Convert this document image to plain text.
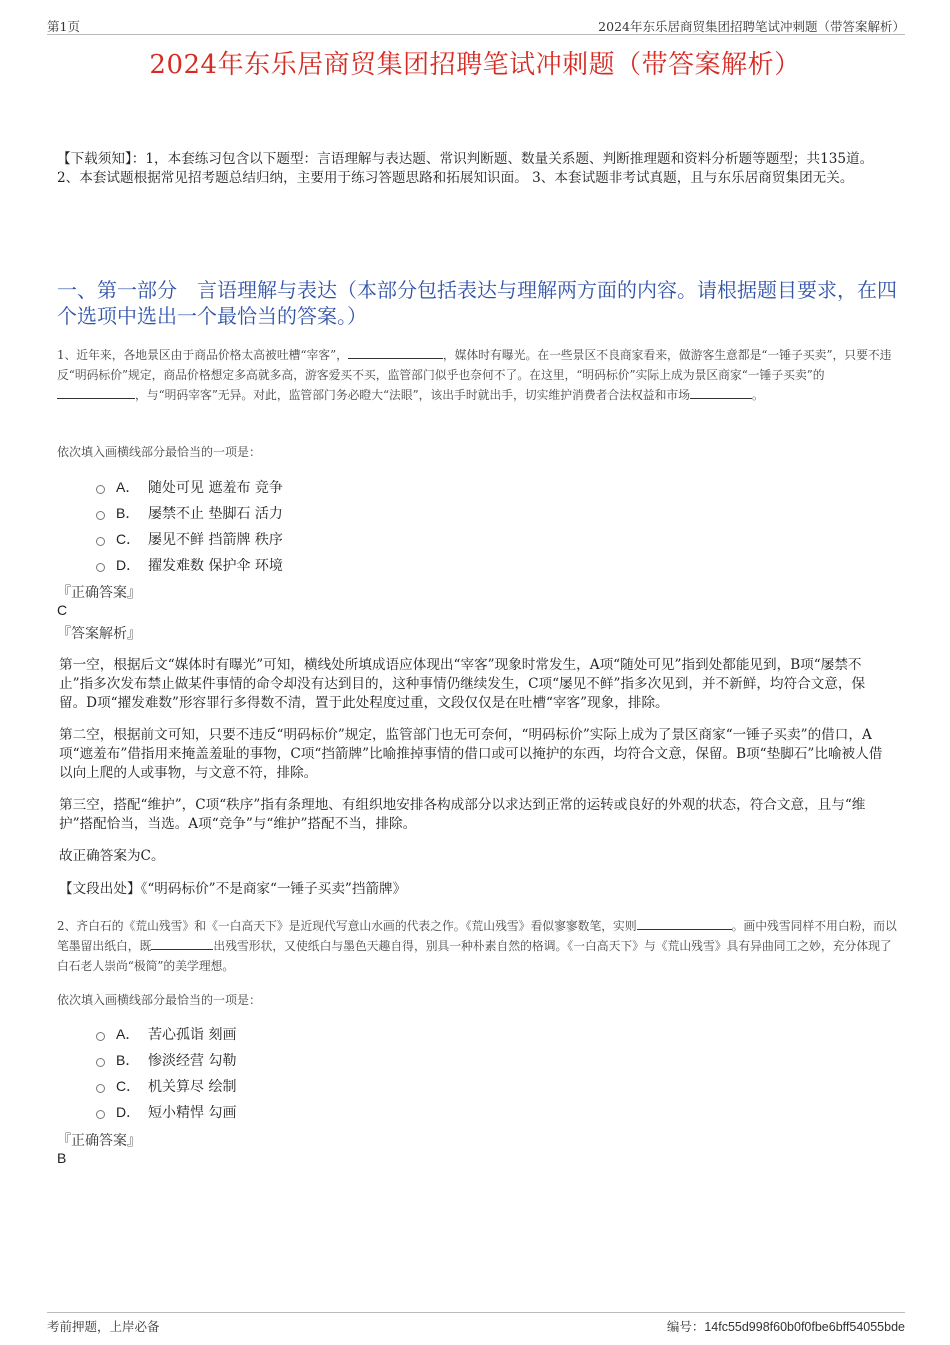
第1页	2024年东乐居商贸集团招聘笔试冲刺题（带答案解析）
2024年东乐居商贸集团招聘笔试冲刺题（带答案解析）
【下载须知】：1，本套练习包含以下题型：言语理解与表达题、常识判断题、数量关系题、判断推理题和资料分析题等题型；共135道。 2、本套试题根据常见招考题总结归纳，主要用于练习答题思路和拓展知识面。 3、本套试题非考试真题，且与东乐居商贸集团无关。
一、第一部分　言语理解与表达（本部分包括表达与理解两方面的内容。请根据题目要求，在四个选项中选出一个最恰当的答案。）
1、近年来，各地景区由于商品价格太高被吐槽“宰客”，	，媒体时有曝光。在一些景区不良商家看来，做游客生意都是“一锤子买卖”，只要不违反“明码标价”规定，商品价格想定多高就多高，游客爱买不买，监管部门似乎也奈何不了。在这里，“明码标价”实际上成为景区商家“一锤子买卖”的，与“明码宰客”无异。对此，监管部门务必瞪大“法眼”，该出手时就出手，切实维护消费者合法权益和市场	。
依次填入画横线部分最恰当的一项是：
A． 随处可见 遮羞布 竞争
B． 屡禁不止 垫脚石 活力
C． 屡见不鲜 挡箭牌 秩序
D． 擢发难数 保护伞 环境
『正确答案』
C
『答案解析』
第一空，根据后文“媒体时有曝光”可知，横线处所填成语应体现出“宰客”现象时常发生，A项“随处可见”指到处都能见到，B项“屡禁不止”指多次发布禁止做某件事情的命令却没有达到目的，这种事情仍继续发生，C项“屡见不鲜”指多次见到，并不新鲜，均符合文意，保留。D项“擢发难数”形容罪行多得数不清，置于此处程度过重，文段仅仅是在吐槽“宰客”现象，排除。
第二空，根据前文可知，只要不违反“明码标价”规定，监管部门也无可奈何，“明码标价”实际上成为了景区商家“一锤子买卖”的借口，A项“遮羞布”借指用来掩盖羞耻的事物，C项“挡箭牌”比喻推掉事情的借口或可以掩护的东西，均符合文意，保留。B项“垫脚石”比喻被人借以向上爬的人或事物，与文意不符，排除。
第三空，搭配“维护”，C项“秩序”指有条理地、有组织地安排各构成部分以求达到正常的运转或良好的外观的状态，符合文意，且与“维护”搭配恰当，当选。A项“竞争”与“维护”搭配不当，排除。
故正确答案为C。
【文段出处】《“明码标价”不是商家“一锤子买卖”挡箭牌》
2、齐白石的《荒山残雪》和《一白高天下》是近现代写意山水画的代表之作。《荒山残雪》看似寥寥数笔，实则	。画中残雪同样不用白粉，而以笔墨留出纸白，既	出残雪形状，又使纸白与墨色天趣自得，别具一种朴素自然的格调。《一白高天下》与《荒山残雪》具有异曲同工之妙，充分体现了白石老人崇尚“极简”的美学理想。
依次填入画横线部分最恰当的一项是：
A． 苦心孤诣 刻画
B． 惨淡经营 勾勒
C． 机关算尽 绘制
D． 短小精悍 勾画
『正确答案』
B
考前押题，上岸必备	编号：14fc55d998f60b0f0fbe6bff54055bde
